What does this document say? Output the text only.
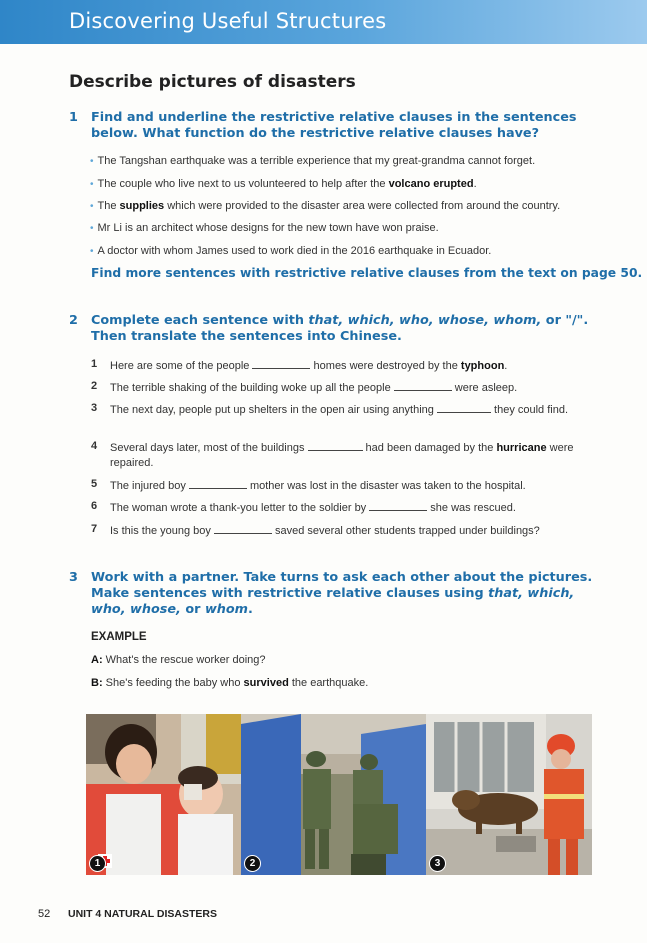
Discovering Useful Structures
Describe pictures of disasters
1 Find and underline the restrictive relative clauses in the sentences below. What function do the restrictive relative clauses have?
• The Tangshan earthquake was a terrible experience that my great-grandma cannot forget.
• The couple who live next to us volunteered to help after the volcano erupted.
• The supplies which were provided to the disaster area were collected from around the country.
• Mr Li is an architect whose designs for the new town have won praise.
• A doctor with whom James used to work died in the 2016 earthquake in Ecuador.
Find more sentences with restrictive relative clauses from the text on page 50.
2 Complete each sentence with that, which, who, whose, whom, or "/". Then translate the sentences into Chinese.
1 Here are some of the people	homes were destroyed by the typhoon.
2 The terrible shaking of the building woke up all the people	were asleep.
3 The next day, people put up shelters in the open air using anything	they could find.
4 Several days later, most of the buildings	had been damaged by the hurricane were repaired.
5 The injured boy	mother was lost in the disaster was taken to the hospital.
6 The woman wrote a thank-you letter to the soldier by	she was rescued.
7 Is this the young boy	saved several other students trapped under buildings?
3 Work with a partner. Take turns to ask each other about the pictures. Make sentences with restrictive relative clauses using that, which, who, whose, or whom.
EXAMPLE
A: What's the rescue worker doing?
B: She's feeding the baby who survived the earthquake.
1	2	3
52 UNIT 4 NATURAL DISASTERS
